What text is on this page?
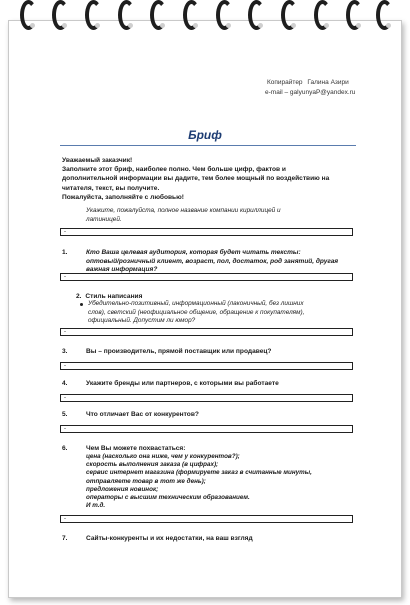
Копирайтер Галина Азири
e-mail – galyunyaP@yandex.ru
Бриф
Уважаемый заказчик!
Заполните этот бриф, наиболее полно. Чем больше цифр, фактов и
дополнительной информации вы дадите, тем более мощный по воздействию на
читателя, текст, вы получите.
Пожалуйста, заполняйте с любовью!
Укажите, пожалуйста, полное название компании кириллицей и
латиницей.
-
1.	Кто Ваша целевая аудитория, которая будет читать тексты:
оптовый/розничный клиент, возраст, пол, достаток, род занятий, другая
важная информация?
-
2. Стиль написания
Убедительно-позитивный, информационный (лаконичный, без лишних
слов), светский (неофициальное общение, обращение к покупателям),
официальный. Допустим ли юмор?
-
3.	Вы – производитель, прямой поставщик или продавец?
-
4.	Укажите бренды или партнеров, с которыми вы работаете
-
5.	Что отличает Вас от конкурентов?
-
6.	Чем Вы можете похвастаться:
цена (насколько она ниже, чем у конкурентов?);
скорость выполнения заказа (в цифрах);
сервис интернет магазина (формируете заказ в считанные минуты,
отправляете товар в тот же день);
предложения новинок;
операторы с высшим техническим образованием.
И т.д.
-
7.	Сайты-конкуренты и их недостатки, на ваш взгляд
